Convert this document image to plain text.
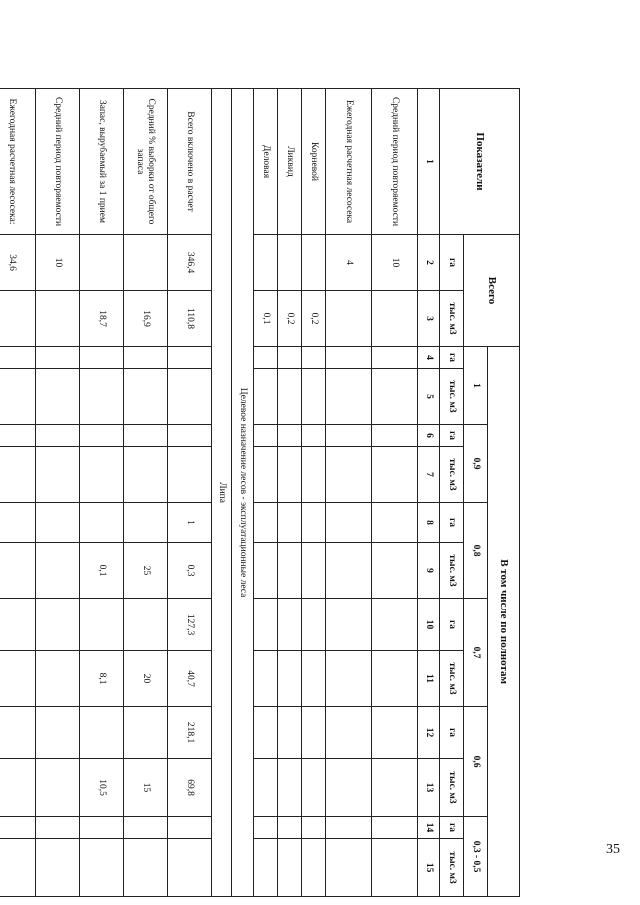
35
Показатели	Всего		В том числе по полнотам											
			1		0,9		0,8		0,7		0,6		0,3 - 0,5	
	га	тыс. м3	га	тыс. м3	га	тыс. м3	га	тыс. м3	га	тыс. м3	га	тыс. м3	га	тыс. м3
1	2	3	4	5	6	7	8	9	10	11	12	13	14	15
Средний период повторяемости	10													
Ежегодная расчетная лесосека	4													
Корневой		0,2												
Ликвид		0,2												
Деловая		0,1												
Целевое назначение лесов - эксплуатационные леса														
Липа														
Всего включено в расчет	346,4	110,8					1	0,3	127,3	40,7	218,1	69,8		
Средний % выборки от общего запаса		16,9						25		20		15		
Запас, вырубаемый за 1 прием		18,7						0,1		8,1		10,5		
Средний период повторяемости	10													
Ежегодная расчетная лесосека:	34,6													
